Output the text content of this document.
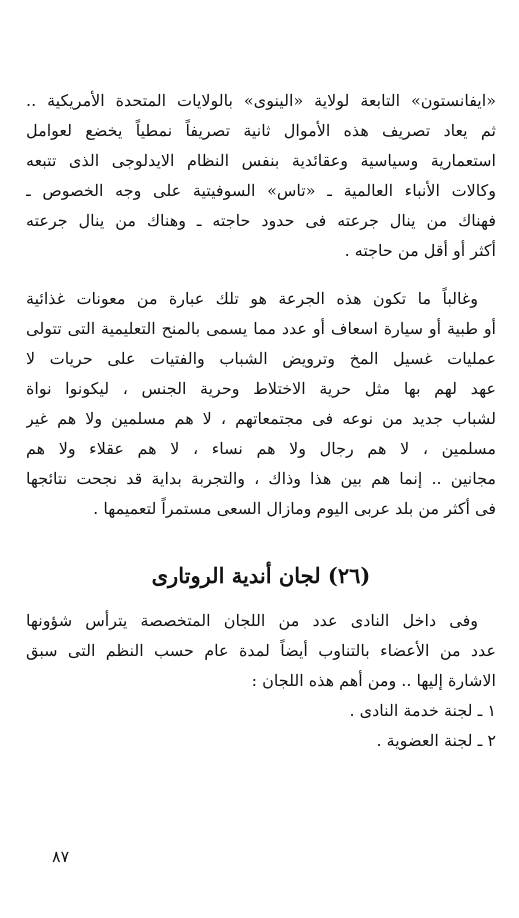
«ايفانستون» التابعة لولاية «الينوى» بالولايات المتحدة الأمريكية ..
ثم يعاد تصريف هذه الأموال ثانية تصريفاً نمطياً يخضع لعوامل
استعمارية وسياسية وعقائدية بنفس النظام الايدلوجى الذى تتبعه
وكالات الأنباء العالمية ـ «تاس» السوفيتية على وجه الخصوص ـ
فهناك من ينال جرعته فى حدود حاجته ـ وهناك من ينال جرعته
أكثر أو أقل من حاجته .
وغالباً ما تكون هذه الجرعة هو تلك عبارة من معونات غذائية
أو طبية أو سيارة اسعاف أو عدد مما يسمى بالمنح التعليمية التى تتولى
عمليات غسيل المخ وترويض الشباب والفتيات على حريات لا
عهد لهم بها مثل حرية الاختلاط وحرية الجنس ، ليكونوا نواة
لشباب جديد من نوعه فى مجتمعاتهم ، لا هم مسلمين ولا هم غير
مسلمين ، لا هم رجال ولا هم نساء ، لا هم عقلاء ولا هم
مجانين .. إنما هم بين هذا وذاك ، والتجربة بداية قد نجحت نتائجها
فى أكثر من بلد عربى اليوم ومازال السعى مستمراً لتعميمها .
(٢٦) لجان أندية الروتارى
وفى داخل النادى عدد من اللجان المتخصصة يترأس شؤونها
عدد من الأعضاء بالتناوب أيضاً لمدة عام حسب النظم التى سبق
الاشارة إليها .. ومن أهم هذه اللجان :
١ ـ لجنة خدمة النادى .
٢ ـ لجنة العضوية .
٨٧
